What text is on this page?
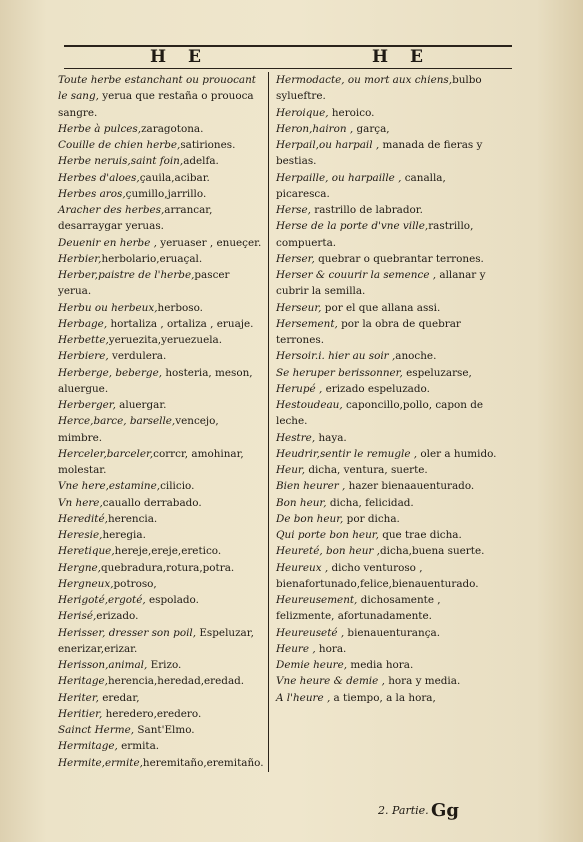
H E	H E

Toute herbe estanchant ou prouocant le sang, yerua que restaña o prouoca sangre.

Herbe à pulces,zaragotona.

Couille de chien herbe,satiriones.

Herbe neruis,saint foin,adelfa.

Herbes d'aloes,çauila,acibar.

Herbes aros,çumillo,jarrillo.

Aracher des herbes,arrancar, desarraygar yeruas.

Deuenir en herbe , yeruaser , enueçer.

Herbier,herbolario,eruaçal.

Herber,paistre de l'herbe,pascer yerua.

Herbu ou herbeux,herboso.

Herbage, hortaliza , ortaliza , eruaje.

Herbette,yeruezita,yeruezuela.

Herbiere, verdulera.

Herberge, beberge, hosteria, meson, aluergue.

Herberger, aluergar.

Herce,barce, barselle,vencejo, mimbre.

Herceler,barceler,corrcr, amohinar, molestar.

Vne here,estamine,cilicio.

Vn here,cauallo derrabado.

Heredité,herencia.

Heresie,heregia.

Heretique,hereje,ereje,eretico.

Hergne,quebradura,rotura,potra.

Hergneux,potroso,

Herigoté,ergoté, espolado.

Herisé,erizado.

Herisser, dresser son poil, Espeluzar, enerizar,erizar.

Herisson,animal, Erizo.

Heritage,herencia,heredad,eredad.

Heriter, eredar,

Heritier, heredero,eredero.

Sainct Herme, Sant'Elmo.

Hermitage, ermita.

Hermite,ermite,heremitaño,eremitaño.

Hermodacte, ou mort aux chiens,bulbo sylueftre.

Heroique, heroico.

Heron,hairon , garça,

Herpail,ou harpail , manada de fieras y bestias.

Herpaille, ou harpaille , canalla, picaresca.

Herse, rastrillo de labrador.

Herse de la porte d'vne ville,rastrillo, compuerta.

Herser, quebrar o quebrantar terrones.

Herser & couurir la semence , allanar y cubrir la semilla.

Herseur, por el que allana assi.

Hersement, por la obra de quebrar terrones.

Hersoir.i. hier au soir ,anoche.

Se heruper berissonner, espeluzarse,

Herupé , erizado espeluzado.

Hestoudeau, caponcillo,pollo, capon de leche.

Hestre, haya.

Heudrir,sentir le remugle , oler a humido.

Heur, dicha, ventura, suerte.

Bien heurer , hazer bienaauenturado.

Bon heur, dicha, felicidad.

De bon heur, por dicha.

Qui porte bon heur, que trae dicha.

Heureté, bon heur ,dicha,buena suerte.

Heureux , dicho venturoso , bienafortunado,felice,bienauenturado.

Heureusement, dichosamente , felizmente, afortunadamente.

Heureuseté , bienauenturança.

Heure , hora.

Demie heure, media hora.

Vne heure & demie , hora y media.

A l'heure , a tiempo, a la hora,

2. Partie. Gg
